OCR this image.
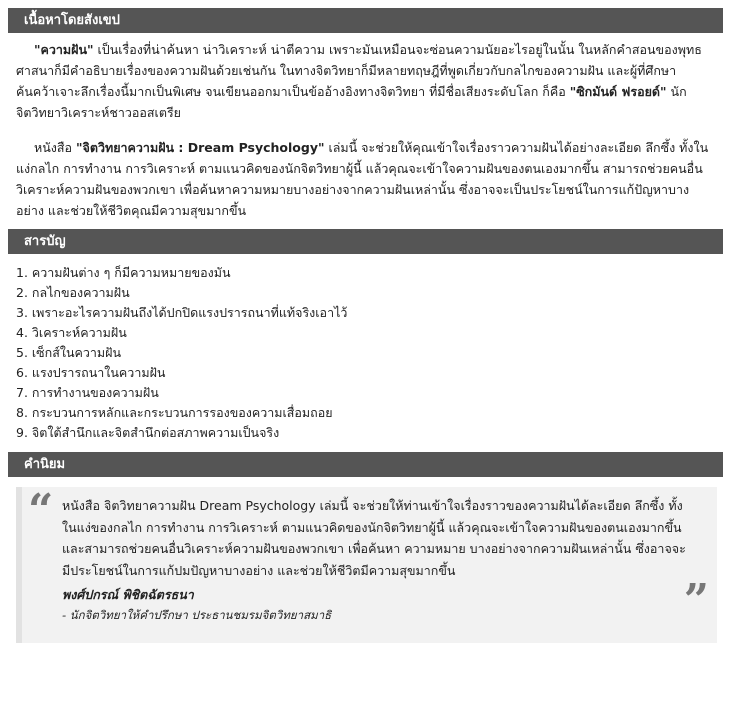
เนื้อหาโดยสังเขป

"ความฝัน" เป็นเรื่องที่น่าค้นหา น่าวิเคราะห์ น่าตีความ เพราะมันเหมือนจะซ่อนความนัยอะไรอยู่ในนั้น ในหลักคำสอนของพุทธศาสนาก็มีคำอธิบายเรื่องของความฝันด้วยเช่นกัน ในทางจิตวิทยาก็มีหลายทฤษฎีที่พูดเกี่ยวกับกลไกของความฝัน และผู้ที่ศึกษาค้นคว้าเจาะลึกเรื่องนี้มากเป็นพิเศษ จนเขียนออกมาเป็นข้ออ้างอิงทางจิตวิทยา ที่มีชื่อเสียงระดับโลก ก็คือ "ซิกมันด์ ฟรอยด์" นักจิตวิทยาวิเคราะห์ชาวออสเตรีย

หนังสือ "จิตวิทยาความฝัน : Dream Psychology" เล่มนี้ จะช่วยให้คุณเข้าใจเรื่องราวความฝันได้อย่างละเอียด ลึกซึ้ง ทั้งในแง่กลไก การทำงาน การวิเคราะห์ ตามแนวคิดของนักจิตวิทยาผู้นี้ แล้วคุณจะเข้าใจความฝันของตนเองมากขึ้น สามารถช่วยคนอื่นวิเคราะห์ความฝันของพวกเขา เพื่อค้นหาความหมายบางอย่างจากความฝันเหล่านั้น ซึ่งอาจจะเป็นประโยชน์ในการแก้ปัญหาบางอย่าง และช่วยให้ชีวิตคุณมีความสุขมากขึ้น

สารบัญ
1. ความฝันต่าง ๆ ก็มีความหมายของมัน
2. กลไกของความฝัน
3. เพราะอะไรความฝันถึงได้ปกปิดแรงปรารถนาที่แท้จริงเอาไว้
4. วิเคราะห์ความฝัน
5. เซ็กส์ในความฝัน
6. แรงปรารถนาในความฝัน
7. การทำงานของความฝัน
8. กระบวนการหลักและกระบวนการรองของความเสื่อมถอย
9. จิตใต้สำนึกและจิตสำนึกต่อสภาพความเป็นจริง
คำนิยม
“ หนังสือ จิตวิทยาความฝัน Dream Psychology เล่มนี้ จะช่วยให้ท่านเข้าใจเรื่องราวของความฝันได้ละเอียด ลึกซึ้ง ทั้งในแง่ของกลไก การทำงาน การวิเคราะห์ ตามแนวคิดของนักจิตวิทยาผู้นี้ แล้วคุณจะเข้าใจความฝันของตนเองมากขึ้น และสามารถช่วยคนอื่นวิเคราะห์ความฝันของพวกเขา เพื่อค้นหา ความหมาย บางอย่างจากความฝันเหล่านั้น ซึ่งอาจจะมีประโยชน์ในการแก้ปมปัญหาบางอย่าง และช่วยให้ชีวิตมีความสุขมากขึ้น
พงศ์ปกรณ์ พิชิตฉัตรธนา
- นักจิตวิทยาให้คำปรึกษา ประธานชมรมจิตวิทยาสมาธิ	”
